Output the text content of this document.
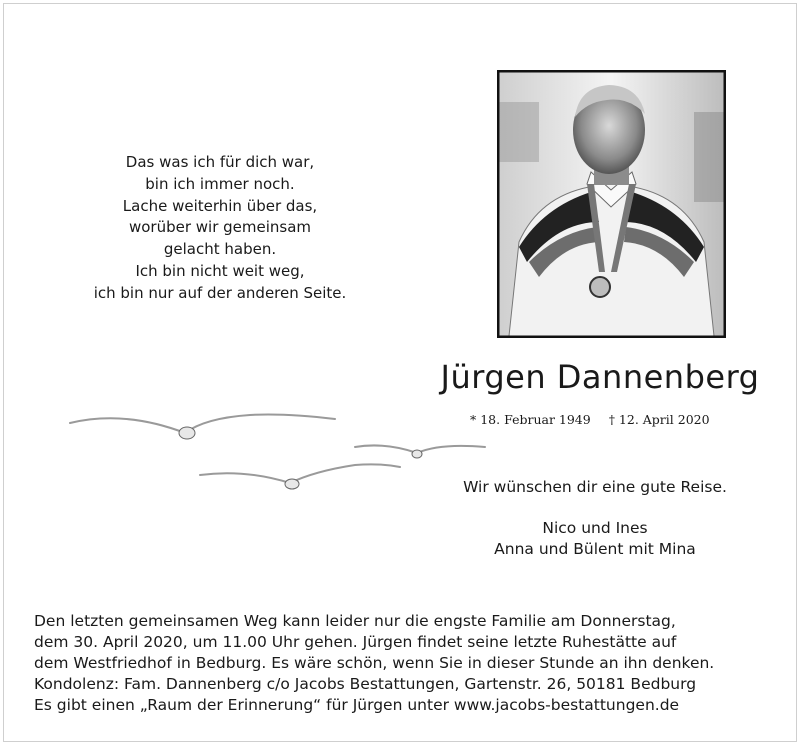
Das was ich für dich war,
bin ich immer noch.
Lache weiterhin über das,
worüber wir gemeinsam
gelacht haben.
Ich bin nicht weit weg,
ich bin nur auf der anderen Seite.
Jürgen Dannenberg
* 18. Februar 1949 † 12. April 2020
Wir wünschen dir eine gute Reise.
Nico und Ines
Anna und Bülent mit Mina
Den letzten gemeinsamen Weg kann leider nur die engste Familie am Donnerstag,
dem 30. April 2020, um 11.00 Uhr gehen. Jürgen findet seine letzte Ruhestätte auf
dem Westfriedhof in Bedburg. Es wäre schön, wenn Sie in dieser Stunde an ihn denken.
Kondolenz: Fam. Dannenberg c/o Jacobs Bestattungen, Gartenstr. 26, 50181 Bedburg
Es gibt einen „Raum der Erinnerung“ für Jürgen unter www.jacobs-bestattungen.de
